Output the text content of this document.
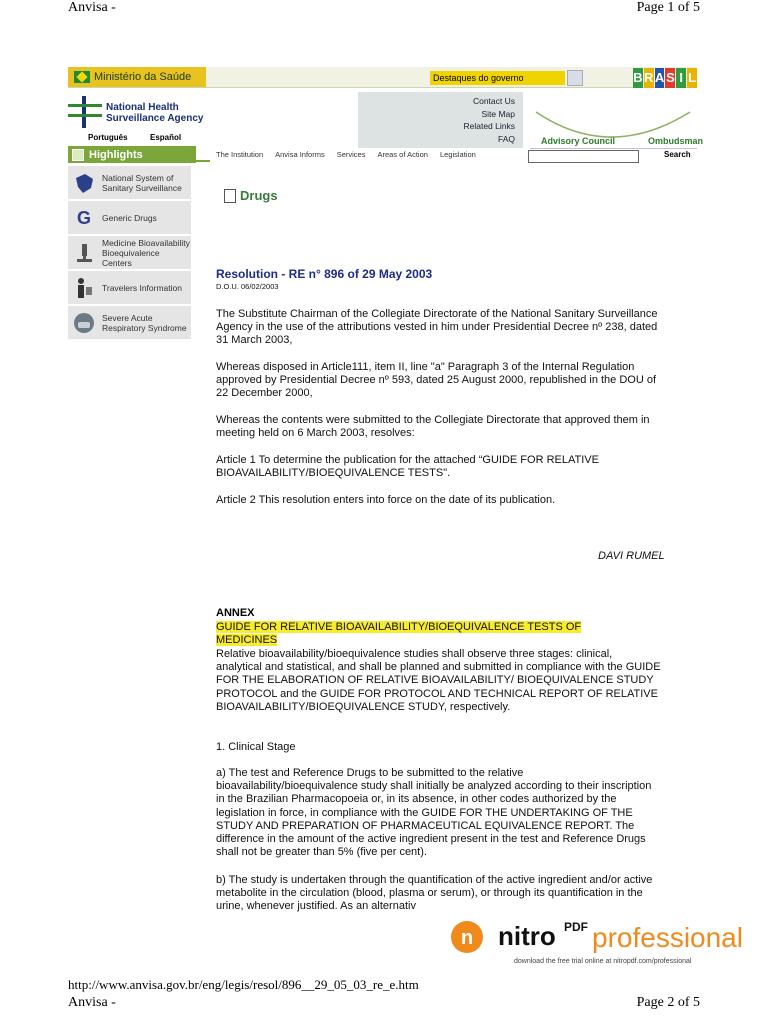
Anvisa -	Page 1 of 5
Ministério da Saúde	Destaques do governo	B R A S I L
National Health
Surveillance Agency
Português	Español
Contact Us
Site Map
Related Links
FAQ	Advisory Council	Ombudsman
Search
Highlights	The Institution Anvisa Informs Services Areas of Action Legislation
National System of Sanitary Surveillance
G	Generic Drugs
Medicine Bioavailability Bioequivalence Centers
Travelers Information
Severe Acute Respiratory Syndrome
Drugs
Resolution - RE n° 896 of 29 May 2003
D.O.U. 06/02/2003
The Substitute Chairman of the Collegiate Directorate of the National Sanitary Surveillance Agency in the use of the attributions vested in him under Presidential Decree nº 238, dated 31 March 2003,
Whereas disposed in Article111, item II, line "a" Paragraph 3 of the Internal Regulation approved by Presidential Decree nº 593, dated 25 August 2000, republished in the DOU of 22 December 2000,
Whereas the contents were submitted to the Collegiate Directorate that approved them in meeting held on 6 March 2003, resolves:
Article 1 To determine the publication for the attached “GUIDE FOR RELATIVE BIOAVAILABILITY/BIOEQUIVALENCE TESTS".
Article 2 This resolution enters into force on the date of its publication.
DAVI RUMEL
ANNEX
GUIDE FOR RELATIVE BIOAVAILABILITY/BIOEQUIVALENCE TESTS OF MEDICINES
Relative bioavailability/bioequivalence studies shall observe three stages: clinical, analytical and statistical, and shall be planned and submitted in compliance with the GUIDE FOR THE ELABORATION OF RELATIVE BIOAVAILABILITY/ BIOEQUIVALENCE STUDY PROTOCOL and the GUIDE FOR PROTOCOL AND TECHNICAL REPORT OF RELATIVE BIOAVAILABILITY/BIOEQUIVALENCE STUDY, respectively.
1. Clinical Stage
a) The test and Reference Drugs to be submitted to the relative bioavailability/bioequivalence study shall initially be analyzed according to their inscription in the Brazilian Pharmacopoeia or, in its absence, in other codes authorized by the legislation in force, in compliance with the GUIDE FOR THE UNDERTAKING OF THE STUDY AND PREPARATION OF PHARMACEUTICAL EQUIVALENCE REPORT. The difference in the amount of the active ingredient present in the test and Reference Drugs shall not be greater than 5% (five per cent).
b) The study is undertaken through the quantification of the active ingredient and/or active metabolite in the circulation (blood, plasma or serum), or through its quantification in the urine, whenever justified. As an alternativ
n nitro PDF professional
download the free trial online at nitropdf.com/professional
http://www.anvisa.gov.br/eng/legis/resol/896__29_05_03_re_e.htm
Anvisa -	Page 2 of 5
